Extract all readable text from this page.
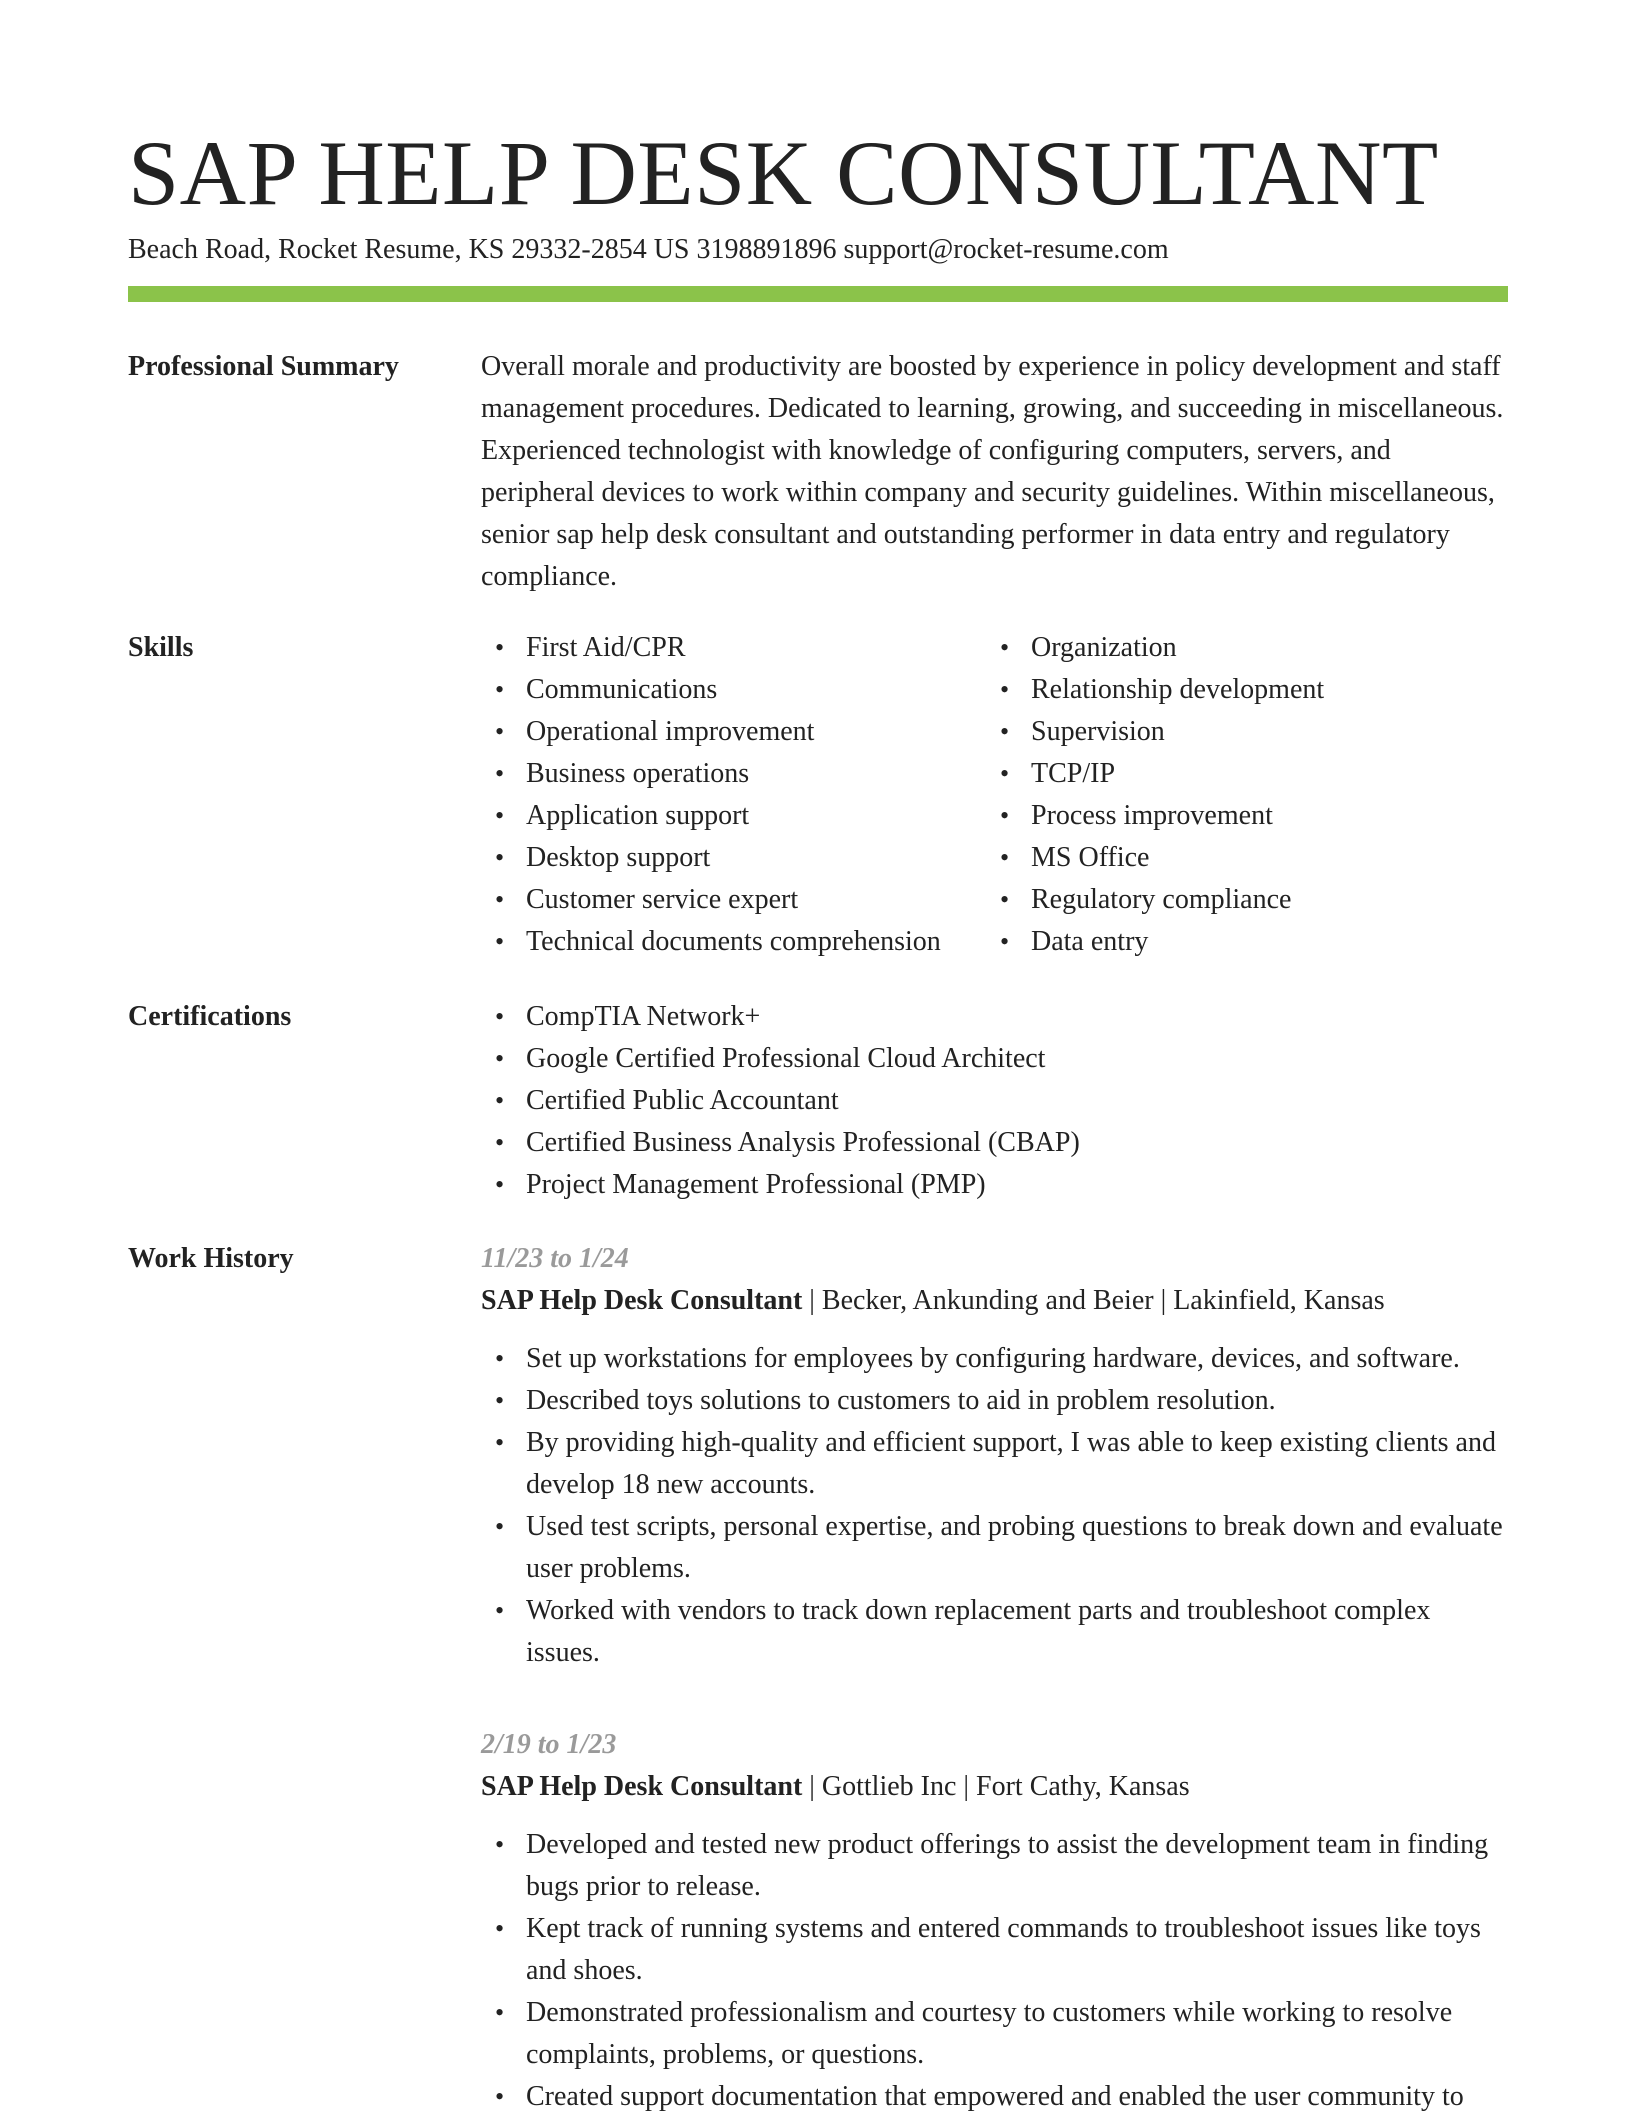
SAP HELP DESK CONSULTANT
Beach Road, Rocket Resume, KS 29332-2854 US 3198891896 support@rocket-resume.com
Professional Summary	Overall morale and productivity are boosted by experience in policy development and staff management procedures. Dedicated to learning, growing, and succeeding in miscellaneous. Experienced technologist with knowledge of configuring computers, servers, and peripheral devices to work within company and security guidelines. Within miscellaneous, senior sap help desk consultant and outstanding performer in data entry and regulatory compliance.
Skills	• First Aid/CPR
• Communications
• Operational improvement
• Business operations
• Application support
• Desktop support
• Customer service expert
• Technical documents comprehension
• Organization
• Relationship development
• Supervision
• TCP/IP
• Process improvement
• MS Office
• Regulatory compliance
• Data entry
Certifications	• CompTIA Network+
• Google Certified Professional Cloud Architect
• Certified Public Accountant
• Certified Business Analysis Professional (CBAP)
• Project Management Professional (PMP)
Work History	11/23 to 1/24
SAP Help Desk Consultant | Becker, Ankunding and Beier | Lakinfield, Kansas
• Set up workstations for employees by configuring hardware, devices, and software.
• Described toys solutions to customers to aid in problem resolution.
• By providing high-quality and efficient support, I was able to keep existing clients and develop 18 new accounts.
• Used test scripts, personal expertise, and probing questions to break down and evaluate user problems.
• Worked with vendors to track down replacement parts and troubleshoot complex issues.
2/19 to 1/23
SAP Help Desk Consultant | Gottlieb Inc | Fort Cathy, Kansas
• Developed and tested new product offerings to assist the development team in finding bugs prior to release.
• Kept track of running systems and entered commands to troubleshoot issues like toys and shoes.
• Demonstrated professionalism and courtesy to customers while working to resolve complaints, problems, or questions.
• Created support documentation that empowered and enabled the user community to
